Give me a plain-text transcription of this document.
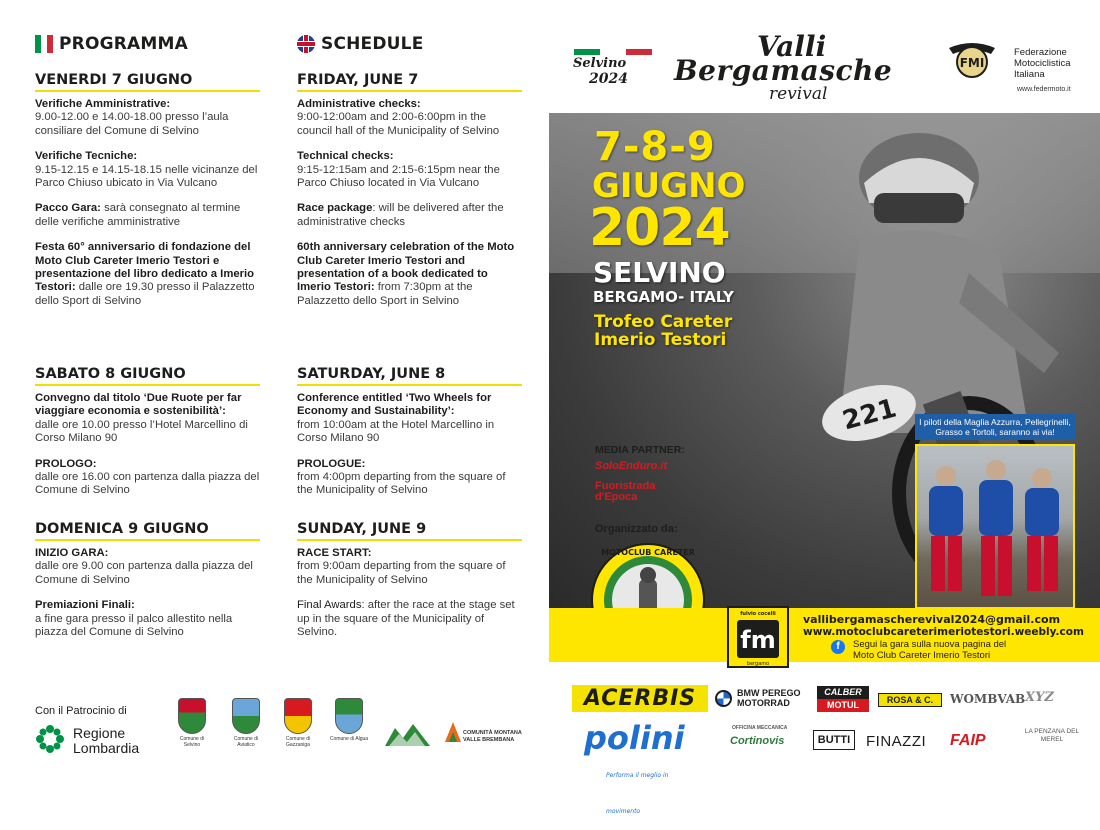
PROGRAMMA
VENERDI 7 GIUGNO
Verifiche Amministrative:
9.00-12.00 e 14.00-18.00 presso l’aula consiliare del Comune di Selvino
Verifiche Tecniche:
9.15-12.15 e 14.15-18.15 nelle vicinanze del Parco Chiuso ubicato in Via Vulcano
Pacco Gara: sarà consegnato al termine delle verifiche amministrative
Festa 60° anniversario di fondazione del Moto Club Careter Imerio Testori e presentazione del libro dedicato a Imerio Testori: dalle ore 19.30 presso il Palazzetto dello Sport di Selvino
SABATO 8 GIUGNO
Convegno dal titolo ‘Due Ruote per far viaggiare economia e sostenibilità’:
dalle ore 10.00 presso l’Hotel Marcellino di Corso Milano 90
PROLOGO:
dalle ore 16.00 con partenza dalla piazza del Comune di Selvino
DOMENICA 9 GIUGNO
INIZIO GARA:
dalle ore 9.00 con partenza dalla piazza del Comune di Selvino
Premiazioni Finali:
a fine gara presso il palco allestito nella piazza del Comune di Selvino
SCHEDULE
FRIDAY, JUNE 7
Administrative checks:
9:00-12:00am and 2:00-6:00pm in the council hall of the Municipality of Selvino
Technical checks:
9:15-12:15am and 2:15-6:15pm near the Parco Chiuso located in Via Vulcano
Race package: will be delivered after the administrative checks
60th anniversary celebration of the Moto Club Careter Imerio Testori and presentation of a book dedicated to Imerio Testori: from 7:30pm at the Palazzetto dello Sport in Selvino
SATURDAY, JUNE 8
Conference entitled ‘Two Wheels for Economy and Sustainability’:
from 10:00am at the Hotel Marcellino in Corso Milano 90
PROLOGUE:
from 4:00pm departing from the square of the Municipality of Selvino
SUNDAY, JUNE 9
RACE START:
from 9:00am departing from the square of the Municipality of Selvino
Final Awards: after the race at the stage set up in the square of the Municipality of Selvino.
Selvino
2024
Valli
Bergamasche
revival
FMI
Federazione Motociclistica Italiana
www.federmoto.it
221
7-8-9
GIUGNO
2024
SELVINO
BERGAMO- ITALY
Trofeo Careter
Imerio Testori
MEDIA PARTNER:
SoloEnduro.it
Fuoristrada d'Epoca
Organizzato da:
MOTOCLUB CARETER
I piloti della Maglia Azzurra, Pellegrinelli, Grasso e Tortoli, saranno ai via!
fulvio cocelli
fm
bergamo
vallibergamascherevival2024@gmail.com
www.motoclubcareterimeriotestori.weebly.com
f	Segui la gara sulla nuova pagina del
Moto Club Careter Imerio Testori
ACERBIS	BMW PEREGO
MOTORRAD
CALBER
MOTUL	ROSA & C.	WOMBVAB XYZ
polini
Performa il meglio in movimento
OFFICINA MECCANICA
Cortinovis	BUTTI	FINAZZI FAIP
LA PENZANA DEL MEREL
Con il Patrocinio di
Regione
Lombardia
Comune di Selvino
Comune di Aviatico
Comune di Gazzaniga
Comune di Algua
COMUNITÀ MONTANA VALLE BREMBANA
